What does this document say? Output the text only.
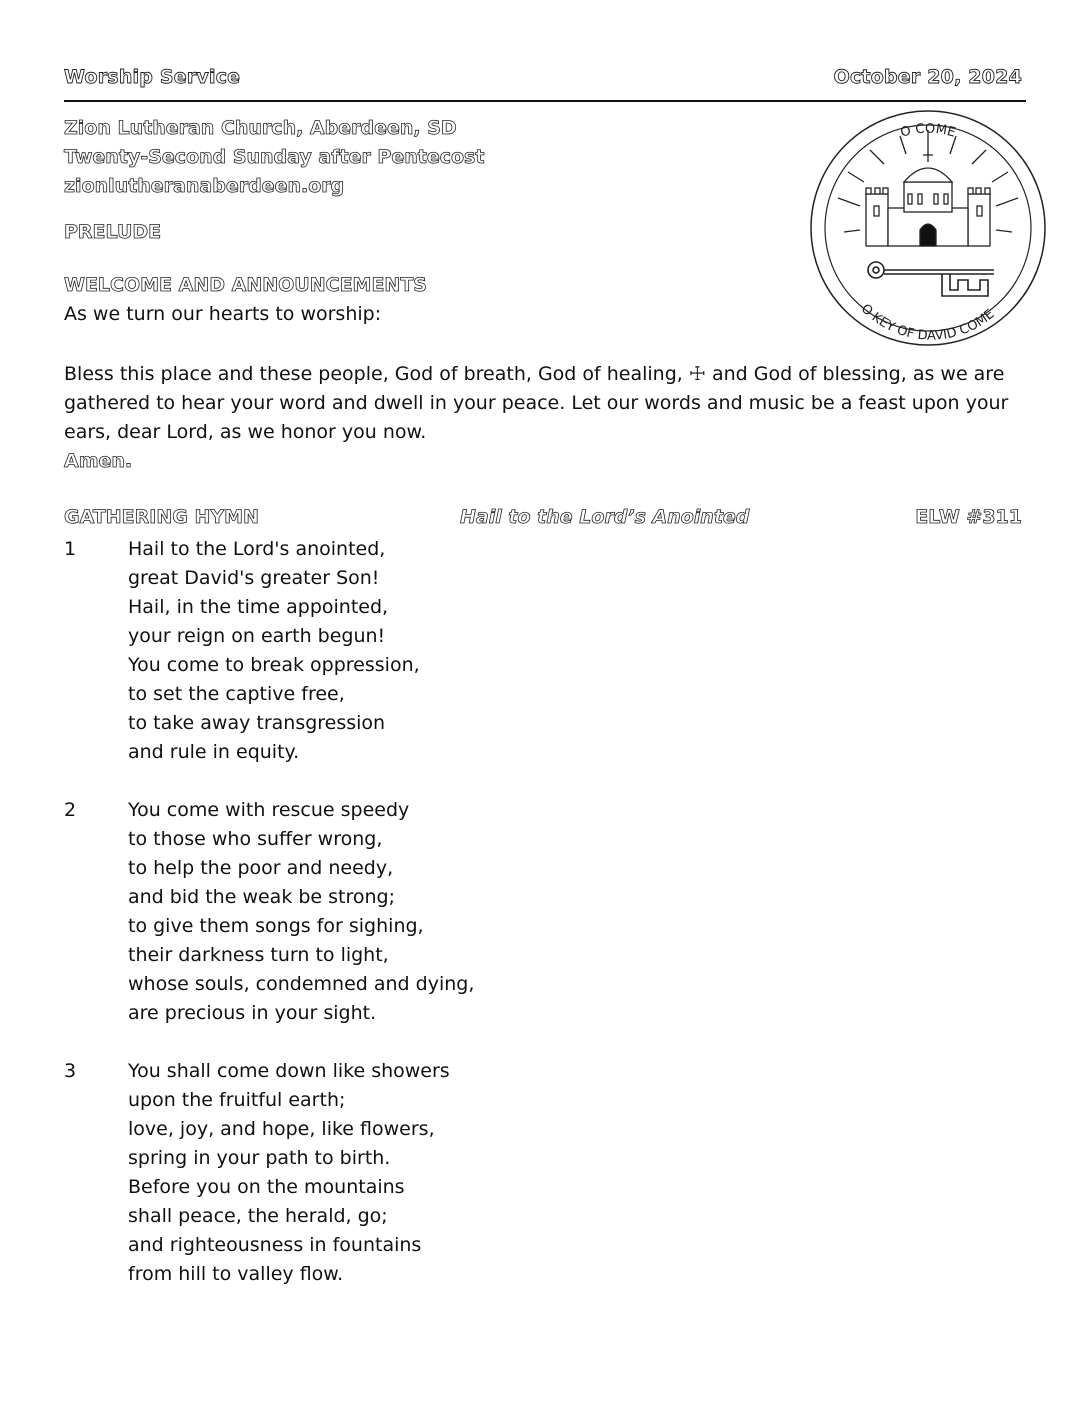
Worship Service	October 20, 2024
Zion Lutheran Church, Aberdeen, SD
Twenty-Second Sunday after Pentecost
zionlutheranaberdeen.org
PRELUDE
WELCOME AND ANNOUNCEMENTS
As we turn our hearts to worship:
Bless this place and these people, God of breath, God of healing, ☩ and God of blessing, as we are gathered to hear your word and dwell in your peace. Let our words and music be a feast upon your ears, dear Lord, as we honor you now.
Amen.
GATHERING HYMN	Hail to the Lord’s Anointed	ELW #311
1	Hail to the Lord's anointed,
great David's greater Son!
Hail, in the time appointed,
your reign on earth begun!
You come to break oppression,
to set the captive free,
to take away transgression
and rule in equity.
2	You come with rescue speedy
to those who suffer wrong,
to help the poor and needy,
and bid the weak be strong;
to give them songs for sighing,
their darkness turn to light,
whose souls, condemned and dying,
are precious in your sight.
3	You shall come down like showers
upon the fruitful earth;
love, joy, and hope, like flowers,
spring in your path to birth.
Before you on the mountains
shall peace, the herald, go;
and righteousness in fountains
from hill to valley flow.
O COME
O KEY OF DAVID COME
